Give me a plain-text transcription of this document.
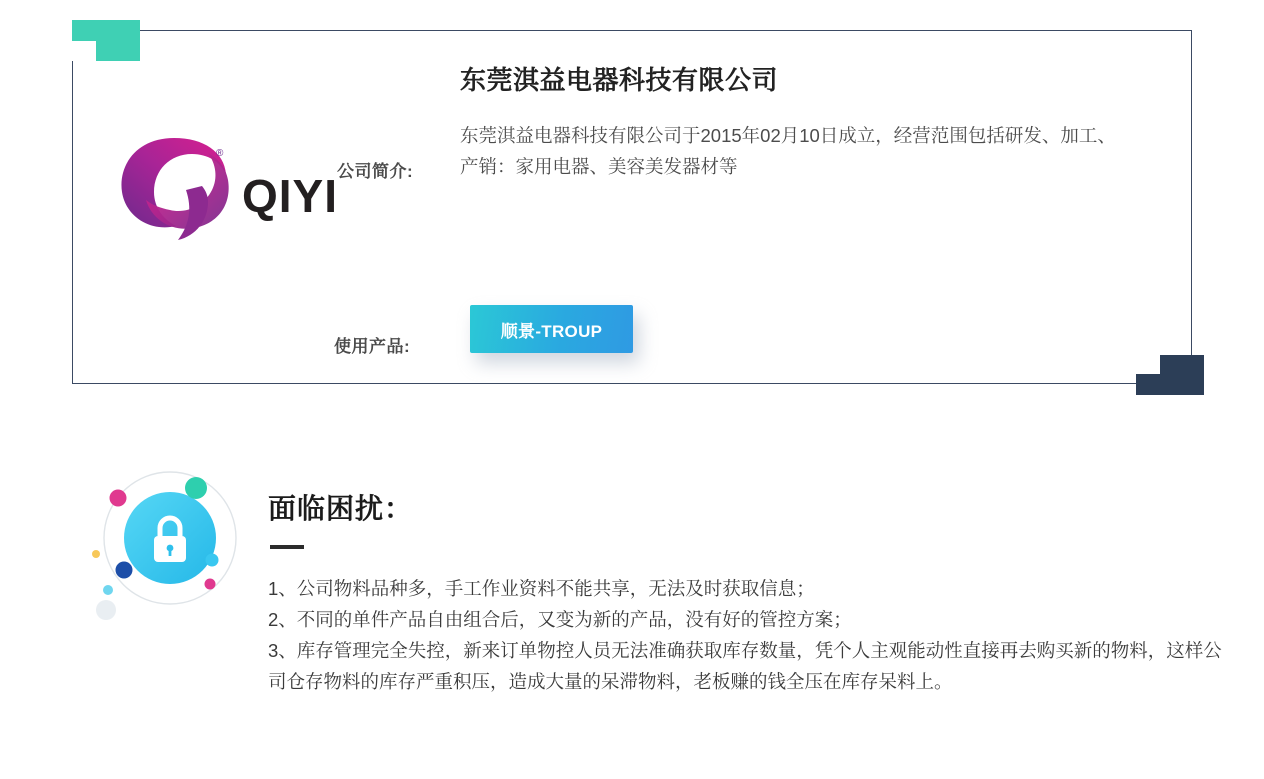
®
QIYI
公司简介:
使用产品:
东莞淇益电器科技有限公司
东莞淇益电器科技有限公司于2015年02月10日成立，经营范围包括研发、加工、产销：家用电器、美容美发器材等
顺景-TROUP
面临困扰：

1、公司物料品种多，手工作业资料不能共享，无法及时获取信息；

2、不同的单件产品自由组合后，又变为新的产品，没有好的管控方案；

3、库存管理完全失控，新来订单物控人员无法准确获取库存数量，凭个人主观能动性直接再去购买新的物料，这样公司仓存物料的库存严重积压，造成大量的呆滞物料，老板赚的钱全压在库存呆料上。
